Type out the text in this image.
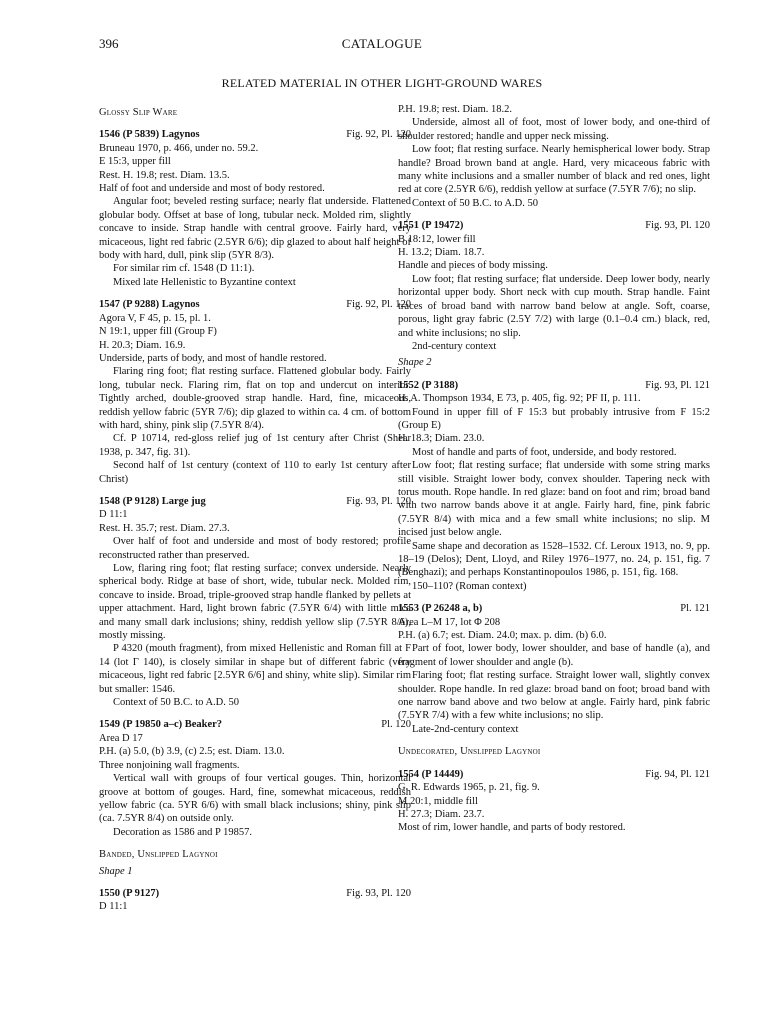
CATALOGUE
396
RELATED MATERIAL IN OTHER LIGHT-GROUND WARES

Glossy Slip Ware

1546 (P 5839) Lagynos	Fig. 92, Pl. 120

Bruneau 1970, p. 466, under no. 59.2.

E 15:3, upper fill

Rest. H. 19.8; rest. Diam. 13.5.

Half of foot and underside and most of body restored.

Angular foot; beveled resting surface; nearly flat underside. Flattened globular body. Offset at base of long, tubular neck. Molded rim, slightly concave to inside. Strap handle with central groove. Fairly hard, very micaceous, light red fabric (2.5YR 6/6); dip glazed to about half height of body with hard, dull, pink slip (5YR 8/3).

For similar rim cf. 1548 (D 11:1).

Mixed late Hellenistic to Byzantine context

1547 (P 9288) Lagynos	Fig. 92, Pl. 120

Agora V, F 45, p. 15, pl. 1.

N 19:1, upper fill (Group F)

H. 20.3; Diam. 16.9.

Underside, parts of body, and most of handle restored.

Flaring ring foot; flat resting surface. Flattened globular body. Fairly long, tubular neck. Flaring rim, flat on top and undercut on interior. Tightly arched, double-grooved strap handle. Hard, fine, micaceous, reddish yellow fabric (5YR 7/6); dip glazed to within ca. 4 cm. of bottom with hard, shiny, pink slip (7.5YR 8/4).

Cf. P 10714, red-gloss relief jug of 1st century after Christ (Shear 1938, p. 347, fig. 31).

Second half of 1st century (context of 110 to early 1st century after Christ)

1548 (P 9128) Large jug	Fig. 93, Pl. 120

D 11:1

Rest. H. 35.7; rest. Diam. 27.3.

Over half of foot and underside and most of body restored; profile reconstructed rather than preserved.

Low, flaring ring foot; flat resting surface; convex underside. Nearly spherical body. Ridge at base of short, wide, tubular neck. Molded rim, concave to inside. Broad, triple-grooved strap handle flanked by pellets at upper attachment. Hard, light brown fabric (7.5YR 6/4) with little mica and many small dark inclusions; shiny, reddish yellow slip (7.5YR 8/6), mostly missing.

P 4320 (mouth fragment), from mixed Hellenistic and Roman fill at F 14 (lot Γ 140), is closely similar in shape but of different fabric (very micaceous, light red fabric [2.5YR 6/6] and shiny, white slip). Similar rim but smaller: 1546.

Context of 50 B.C. to A.D. 50

1549 (P 19850 a–c) Beaker?	Pl. 120

Area D 17

P.H. (a) 5.0, (b) 3.9, (c) 2.5; est. Diam. 13.0.

Three nonjoining wall fragments.

Vertical wall with groups of four vertical gouges. Thin, horizontal groove at bottom of gouges. Hard, fine, somewhat micaceous, reddish yellow fabric (ca. 5YR 6/6) with small black inclusions; shiny, pink slip (ca. 7.5YR 8/4) on outside only.

Decoration as 1586 and P 19857.

Banded, Unslipped Lagynoi

Shape 1

1550 (P 9127)	Fig. 93, Pl. 120

D 11:1

P.H. 19.8; rest. Diam. 18.2.

Underside, almost all of foot, most of lower body, and one-third of shoulder restored; handle and upper neck missing.

Low foot; flat resting surface. Nearly hemispherical lower body. Strap handle? Broad brown band at angle. Hard, very micaceous fabric with many white inclusions and a smaller number of black and red ones, light red at core (2.5YR 6/6), reddish yellow at surface (7.5YR 7/6); no slip.

Context of 50 B.C. to A.D. 50

1551 (P 19472)	Fig. 93, Pl. 120

B 18:12, lower fill

H. 13.2; Diam. 18.7.

Handle and pieces of body missing.

Low foot; flat resting surface; flat underside. Deep lower body, nearly horizontal upper body. Short neck with cup mouth. Strap handle. Faint traces of broad band with narrow band below at angle. Soft, coarse, porous, light gray fabric (2.5Y 7/2) with large (0.1–0.4 cm.) black, red, and white inclusions; no slip.

2nd-century context

Shape 2

1552 (P 3188)	Fig. 93, Pl. 121

H. A. Thompson 1934, E 73, p. 405, fig. 92; PF II, p. 111.

Found in upper fill of F 15:3 but probably intrusive from F 15:2 (Group E)

H. 18.3; Diam. 23.0.

Most of handle and parts of foot, underside, and body restored.

Low foot; flat resting surface; flat underside with some string marks still visible. Straight lower body, convex shoulder. Tapering neck with torus mouth. Rope handle. In red glaze: band on foot and rim; broad band with two narrow bands above it at angle. Fairly hard, fine, pink fabric (7.5YR 8/4) with mica and a few small white inclusions; no slip. M incised just below angle.

Same shape and decoration as 1528–1532. Cf. Leroux 1913, no. 9, pp. 18–19 (Delos); Dent, Lloyd, and Riley 1976–1977, no. 24, p. 151, fig. 7 (Benghazi); and perhaps Konstantinopoulos 1986, p. 151, fig. 168.

150–110? (Roman context)

1553 (P 26248 a, b)	Pl. 121

Area L–M 17, lot Φ 208

P.H. (a) 6.7; est. Diam. 24.0; max. p. dim. (b) 6.0.

Part of foot, lower body, lower shoulder, and base of handle (a), and fragment of lower shoulder and angle (b).

Flaring foot; flat resting surface. Straight lower wall, slightly convex shoulder. Rope handle. In red glaze: broad band on foot; broad band with one narrow band above and two below at angle. Fairly hard, pink fabric (7.5YR 7/4) with a few white inclusions; no slip.

Late-2nd-century context

Undecorated, Unslipped Lagynoi

1554 (P 14449)	Fig. 94, Pl. 121

G. R. Edwards 1965, p. 21, fig. 9.

M 20:1, middle fill

H. 27.3; Diam. 23.7.

Most of rim, lower handle, and parts of body restored.
